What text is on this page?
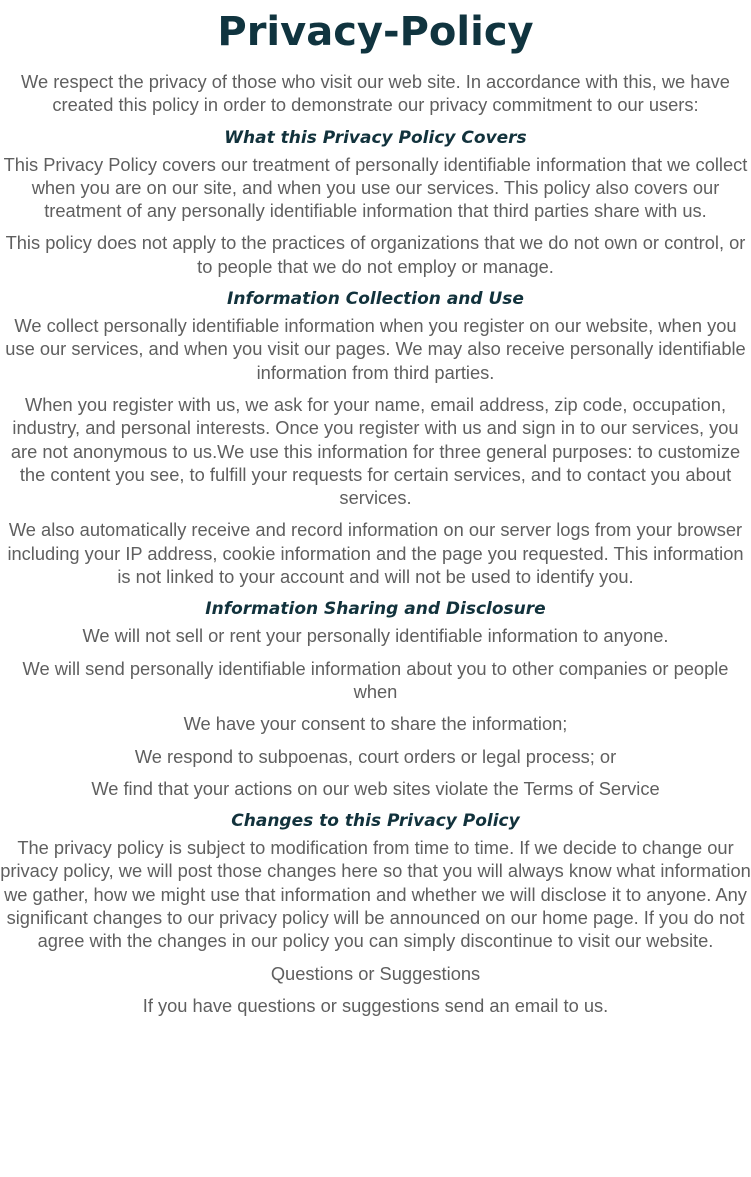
Privacy-Policy

We respect the privacy of those who visit our web site. In accordance with this, we have created this policy in order to demonstrate our privacy commitment to our users:

What this Privacy Policy Covers

This Privacy Policy covers our treatment of personally identifiable information that we collect when you are on our site, and when you use our services. This policy also covers our treatment of any personally identifiable information that third parties share with us.

This policy does not apply to the practices of organizations that we do not own or control, or to people that we do not employ or manage.

Information Collection and Use

We collect personally identifiable information when you register on our website, when you use our services, and when you visit our pages. We may also receive personally identifiable information from third parties.

When you register with us, we ask for your name, email address, zip code, occupation, industry, and personal interests. Once you register with us and sign in to our services, you are not anonymous to us.We use this information for three general purposes: to customize the content you see, to fulfill your requests for certain services, and to contact you about services.

We also automatically receive and record information on our server logs from your browser including your IP address, cookie information and the page you requested. This information is not linked to your account and will not be used to identify you.

Information Sharing and Disclosure

We will not sell or rent your personally identifiable information to anyone.

We will send personally identifiable information about you to other companies or people when

We have your consent to share the information;

We respond to subpoenas, court orders or legal process; or

We find that your actions on our web sites violate the Terms of Service

Changes to this Privacy Policy

The privacy policy is subject to modification from time to time. If we decide to change our privacy policy, we will post those changes here so that you will always know what information we gather, how we might use that information and whether we will disclose it to anyone. Any significant changes to our privacy policy will be announced on our home page. If you do not agree with the changes in our policy you can simply discontinue to visit our website.

Questions or Suggestions

If you have questions or suggestions send an email to us.
